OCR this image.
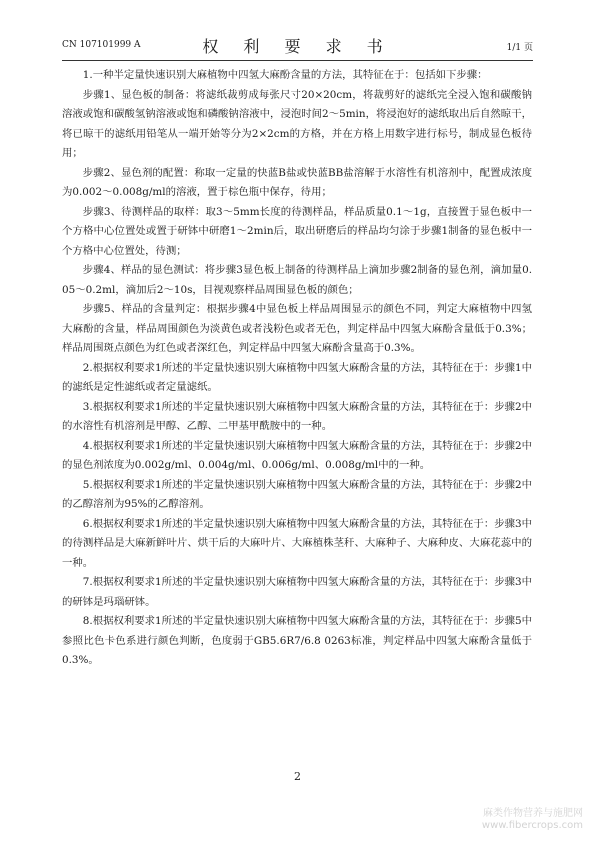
CN 107101999 A	权 利 要 求 书	1/1 页

1.一种半定量快速识别大麻植物中四氢大麻酚含量的方法，其特征在于：包括如下步骤：

步骤1、显色板的制备：将滤纸裁剪成每张尺寸20×20cm，将裁剪好的滤纸完全浸入饱和碳酸钠溶液或饱和碳酸氢钠溶液或饱和磷酸钠溶液中，浸泡时间2～5min，将浸泡好的滤纸取出后自然晾干，将已晾干的滤纸用铅笔从一端开始等分为2×2cm的方格，并在方格上用数字进行标号，制成显色板待用；

步骤2、显色剂的配置：称取一定量的快蓝B盐或快蓝BB盐溶解于水溶性有机溶剂中，配置成浓度为0.002～0.008g/ml的溶液，置于棕色瓶中保存，待用；

步骤3、待测样品的取样：取3～5mm长度的待测样品，样品质量0.1～1g，直接置于显色板中一个方格中心位置处或置于研钵中研磨1～2min后，取出研磨后的样品均匀涂于步骤1制备的显色板中一个方格中心位置处，待测；

步骤4、样品的显色测试：将步骤3显色板上制备的待测样品上滴加步骤2制备的显色剂，滴加量0.05～0.2ml，滴加后2～10s，目视观察样品周围显色板的颜色；

步骤5、样品的含量判定：根据步骤4中显色板上样品周围显示的颜色不同，判定大麻植物中四氢大麻酚的含量，样品周围颜色为淡黄色或者浅粉色或者无色，判定样品中四氢大麻酚含量低于0.3%；样品周围斑点颜色为红色或者深红色，判定样品中四氢大麻酚含量高于0.3%。

2.根据权利要求1所述的半定量快速识别大麻植物中四氢大麻酚含量的方法，其特征在于：步骤1中的滤纸是定性滤纸或者定量滤纸。

3.根据权利要求1所述的半定量快速识别大麻植物中四氢大麻酚含量的方法，其特征在于：步骤2中的水溶性有机溶剂是甲醇、乙醇、二甲基甲酰胺中的一种。

4.根据权利要求1所述的半定量快速识别大麻植物中四氢大麻酚含量的方法，其特征在于：步骤2中的显色剂浓度为0.002g/ml、0.004g/ml、0.006g/ml、0.008g/ml中的一种。

5.根据权利要求1所述的半定量快速识别大麻植物中四氢大麻酚含量的方法，其特征在于：步骤2中的乙醇溶剂为95%的乙醇溶剂。

6.根据权利要求1所述的半定量快速识别大麻植物中四氢大麻酚含量的方法，其特征在于：步骤3中的待测样品是大麻新鲜叶片、烘干后的大麻叶片、大麻植株茎秆、大麻种子、大麻种皮、大麻花蕊中的一种。

7.根据权利要求1所述的半定量快速识别大麻植物中四氢大麻酚含量的方法，其特征在于：步骤3中的研钵是玛瑙研钵。

8.根据权利要求1所述的半定量快速识别大麻植物中四氢大麻酚含量的方法，其特征在于：步骤5中参照比色卡色系进行颜色判断，色度弱于GB5.6R7/6.8 0263标准，判定样品中四氢大麻酚含量低于0.3%。

2
麻类作物营养与施肥网
www.fibercrops.com
